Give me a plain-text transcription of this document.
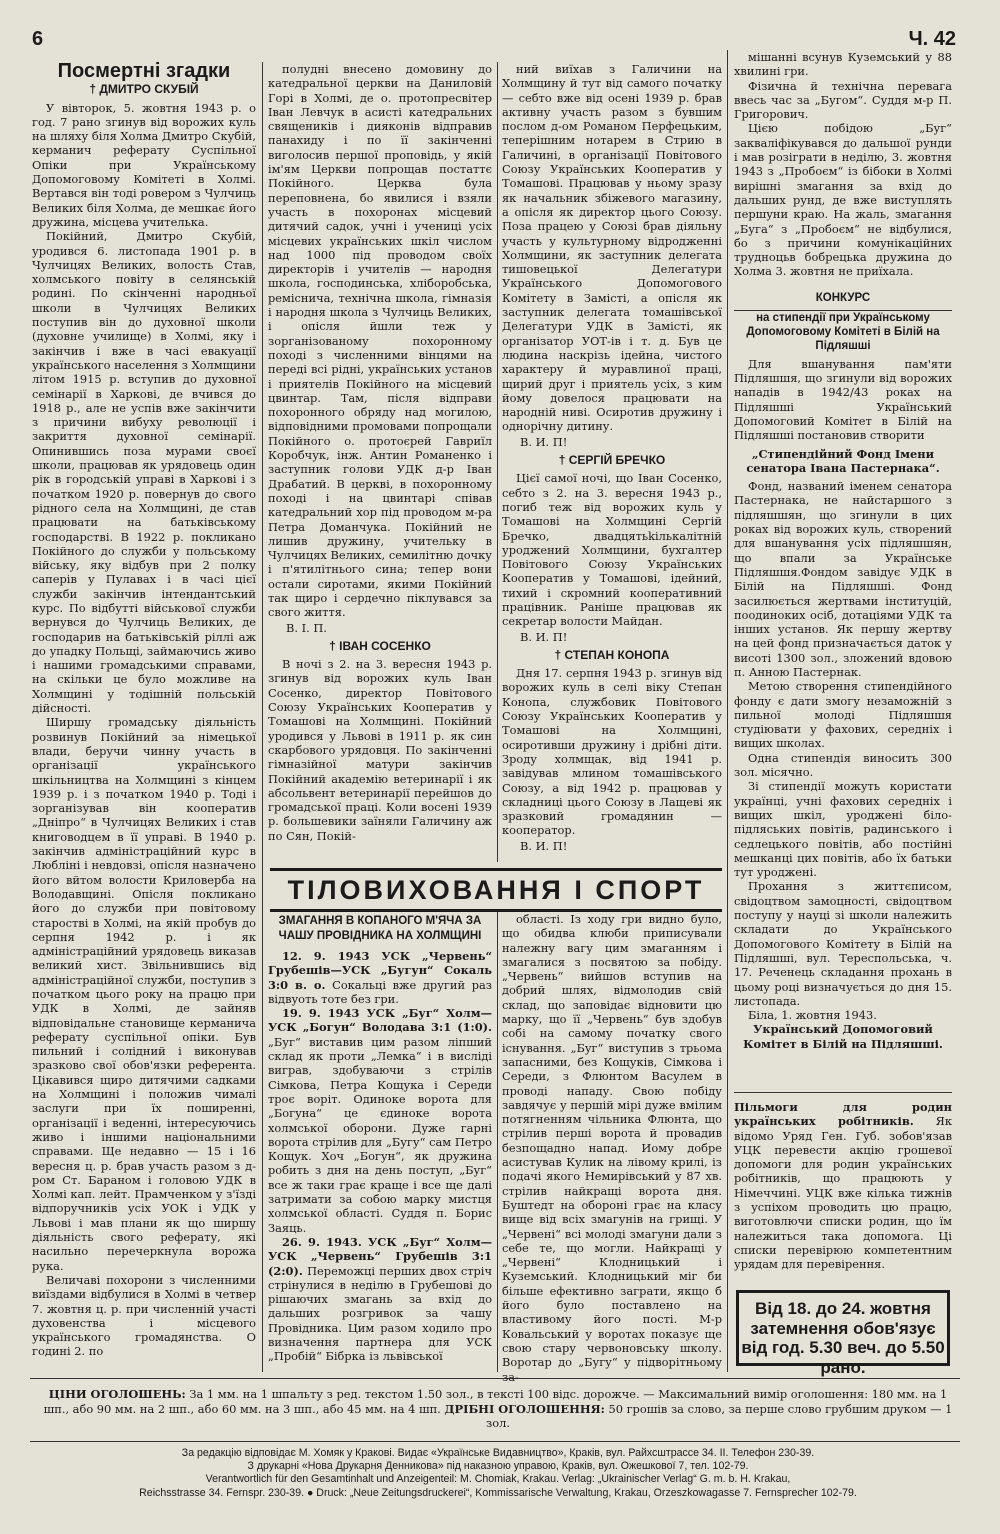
6	Ч. 42
Посмертні згадки
† ДМИТРО СКУБІЙ

У вівторок, 5. жовтня 1943 р. о год. 7 рано згинув від ворожих куль на шляху біля Холма Дмитро Скубій, керманич реферату Суспільної Опіки при Українському Допомоговому Комітеті в Холмі. Вертався він тоді ровером з Чулчиць Великих біля Холма, де мешкає його дружина, місцева учителька.

Покійний, Дмитро Скубій, уродився 6. листопада 1901 р. в Чулчицях Великих, волость Став, холмського повіту в селянській родині. По скінченні народньої школи в Чулчицях Великих поступив він до духовної школи (духовне училище) в Холмі, яку і закінчив і вже в часі евакуації українського населення з Холмщини літом 1915 р. вступив до духовної семінарії в Харкові, де вчився до 1918 р., але не успів вже закінчити з причини вибуху революції і закриття духовної семінарії. Опинившись поза мурами своєї школи, працював як урядовець один рік в городській управі в Харкові і з початком 1920 р. повернув до свого рідного села на Холмщині, де став працювати на батьківському господарстві. В 1922 р. покликано Покійного до служби у польському війську, яку відбув при 2 полку саперів у Пулавах і в часі цієї служби закінчив інтендантський курс. По відбутті військової служби вернувся до Чулчиць Великих, де господарив на батьківській ріллі аж до упадку Польщі, займаючись живо і нашими громадськими справами, на скільки це було можливе на Холмщині у тодішній польській дійсності.

Ширшу громадську діяльність розвинув Покійний за німецької влади, беручи чинну участь в організації українського шкільництва на Холмщині з кінцем 1939 р. і з початком 1940 р. Тоді і зорганізував він кооператив „Дніпро“ в Чулчицях Великих і став книговодцем в її управі. В 1940 р. закінчив адміністраційний курс в Любліні і невдовзі, опісля назначено його вйтом волости Криловерба на Володавщині. Опісля покликано його до служби при повітовому старостві в Холмі, на якій пробув до серпня 1942 р. і як адміністраційний урядовець виказав великий хист. Звільнившись від адміністраційної служби, поступив з початком цього року на працю при УДК в Холмі, де зайняв відповідальне становище керманича реферату суспільної опіки. Був пильний і солідний і виконував зразково свої обов'язки референта. Цікавився щиро дитячими садками на Холмщині і положив чималі заслуги при їх поширенні, організації і веденні, інтересуючись живо і іншими національними справами. Ще недавно — 15 і 16 вересня ц. р. брав участь разом з д-ром Ст. Бараном і головою УДК в Холмі кап. лейт. Прамченком у з'їзді відпоручників усіх УОК і УДК у Львові і мав плани як що ширшу діяльність свого реферату, які насильно перечеркнула ворожа рука.

Величаві похорони з численними виїздами відбулися в Холмі в четвер 7. жовтня ц. р. при численній участі духовенства і місцевого українського громадянства. О годині 2. по

полудні внесено домовину до катедральної церкви на Даниловій Горі в Холмі, де о. протопресвітер Іван Левчук в асисті катедральних священиків і дияконів відправив панахиду і по її закінченні виголосив першої проповідь, у якій ім'ям Церкви попрощав постаттє Покійного. Церква була переповнена, бо явилися і взяли участь в похоронах місцевий дитячий садок, учні і учениці усіх місцевих українських шкіл числом над 1000 під проводом своїх директорів і учителів — народня школа, господинська, хліборобська, реміснича, технічна школа, гімназія і народня школа з Чулчиць Великих, і опісля йшли теж у зорганізованому похоронному поході з численними вінцями на переді всі рідні, українських установ і приятелів Покійного на місцевий цвинтар. Там, після відправи похоронного обряду над могилою, відповідними промовами попрощали Покійного о. протоєрей Гавриїл Коробчук, інж. Антин Романенко і заступник голови УДК д-р Іван Драбатий. В церкві, в похоронному поході і на цвинтарі співав катедральний хор під проводом м-ра Петра Доманчука. Покійний не лишив дружину, учительку в Чулчицях Великих, семилітню дочку і п'ятилітнього сина; тепер вони остали сиротами, якими Покійний так щиро і сердечно піклувався за свого життя.

В. І. П.

† ІВАН СОСЕНКО

В ночі з 2. на 3. вересня 1943 р. згинув від ворожих куль Іван Сосенко, директор Повітового Союзу Українських Кооператив у Томашові на Холмщині. Покійний уродився у Львові в 1911 р. як син скарбового урядовця. По закінченні гімназійної матури закінчив Покійний академію ветеринарії і як абсольвент ветеринарії перейшов до громадської праці. Коли восені 1939 р. большевики заїняли Галичину аж по Сян, Покій-

ний виїхав з Галичини на Холмщину й тут від самого початку — себто вже від осені 1939 р. брав активну участь разом з бувшим послом д-ом Романом Перфецьким, теперішним нотарем в Стрию в Галичині, в організації Повітового Союзу Українських Кооператив у Томашові. Працював у ньому зразу як начальник збіжевого магазину, а опісля як директор цього Союзу. Поза працею у Союзі брав діяльну участь у культурному відродженні Холмщини, як заступник делегата тишовецької Делегатури Українського Допомогового Комітету в Замісті, а опісля як заступник делегата томашівської Делегатури УДК в Замісті, як організатор УОТ-ів і т. д. Був це людина наскрізь ідейна, чистого характеру й муравлиної праці, щирий друг і приятель усіх, з ким йому довелося працювати на народній ниві. Осиротив дружину і однорічну дитину.

В. И. П!

† СЕРГІЙ БРЕЧКО

Цієї самої ночі, що Іван Сосенко, себто з 2. на 3. вересня 1943 р., погиб теж від ворожих куль у Томашові на Холмщині Сергій Бречко, двадцятьkількалітній уроджений Холмщини, бухгалтер Повітового Союзу Українських Кооператив у Томашові, ідейний, тихий і скромний кооперативний працівник. Раніше працював як секретар волости Майдан.

В. И. П!

† СТЕПАН КОНОПА

Дня 17. серпня 1943 р. згинув від ворожих куль в селі віку Степан Конопа, службовик Повітового Союзу Українських Кооператив у Томашові на Холмщині, осиротивши дружину і дрібні діти. Зроду холмщак, від 1941 р. завідував млином томашівського Союзу, а від 1942 р. працював у складниці цього Союзу в Лащеві як зразковий громадянин — кооператор.

В. И. П!

ТІЛОВИХОВАННЯ І СПОРТ
ЗМАГАННЯ В КОПАНОГО М'ЯЧА ЗА ЧАШУ ПРОВІДНИКА НА ХОЛМЩИНІ

12. 9. 1943 УСК „Червень“ Грубешів—УСК „Бугун“ Сокаль 3:0 в. о. Сокальці вже другий раз відвуоть тоте без гри.

19. 9. 1943 УСК „Буг“ Холм—УСК „Богун“ Володава 3:1 (1:0). „Буг“ виставив цим разом ліпший склад як проти „Лемка“ і в висліді виграв, здобуваючи з стрілів Сімкова, Петра Кощука і Середи троє воріт. Одиноке ворота для „Богуна“ це єдиноке ворота холмської оборони. Дуже гарні ворота стрілив для „Бугу“ сам Петро Кощук. Хоч „Богун“, як дружина робить з дня на день поступ, „Буг“ все ж таки грає краще і все ще далі затримати за собою марку мистця холмської області. Суддя п. Борис Заяць.

26. 9. 1943. УСК „Буг“ Холм—УСК „Червень“ Грубешів 3:1 (2:0). Переможці перших двох стріч стрінулися в неділю в Грубешові до рішаючих змагань за вхід до дальших розгривок за чашу Провідника. Цим разом ходило про визначення партнера для УСК „Пробій“ Бібрка із львівської

області. Із ходу гри видно було, що обидва клюби приписували належну вагу цим змаганням і змагалися з посвятою за побіду. „Червень“ вийшов вступив на добрий шлях, відмолодив свій склад, що заповідає відновити цю марку, що її „Червень“ був здобув собі на самому початку свого існування. „Буг“ виступив з трьома запасними, без Кощуків, Сімкова і Середи, з Флюнтом Васулем в проводі нападу. Свою побіду завдячує у першій мірі дуже вмілим потягненням чільника Флюнта, що стрілив перші ворота й провадив безпощадно напад. Иому добре асистував Кулик на лівому крилі, із подачі якого Немирівський у 87 хв. стрілив найкращі ворота дня. Буштедт на обороні грає на класу вище від всіх змагунів на грищі. У „Червені“ всі молоді змагуни дали з себе те, що могли. Найкращі у „Червені“ Клодницький і Куземський. Клодницький міг би більше ефективно заграти, якщо б його було поставлено на властивому його пості. М-р Ковальський у воротах показує ще свою стару червоновську школу. Воротар до „Бугу“ у підворітньому за-

мішанні всунув Куземський у 88 хвилині гри.

Фізична й технічна перевага ввесь час за „Бугом“. Суддя м-р П. Григорович.

Цією побідою „Буг“ закваліфікувався до дальшої рунди і мав розіграти в неділю, 3. жовтня 1943 з „Пробоєм“ із бібоки в Холмі вирішні змагання за вхід до дальших рунд, де вже виступлять першуни краю. На жаль, змагання „Буга“ з „Пробоєм“ не відбулися, бо з причини комунікаційних трудноцьв бобрецька дружина до Холма 3. жовтня не приїхала.

КОНКУРС
на стипендії при Українському Допомоговому Комітеті в Білій на Підляшші

Для вшанування пам'яти Підляшшя, що згинули від ворожих нападів в 1942/43 роках на Підляшші Український Допомоговий Комітет в Білій на Підляшші постановив створити

„Стипендійний Фонд Імени сенатора Івана Пастернака“.

Фонд, названий іменем сенатора Пастернака, не найстаршого з підляшшян, що згинули в цих роках від ворожих куль, створений для вшанування усіх підляшшян, що впали за Українське Підляшшя.Фондом завідує УДК в Білій на Підляшші. Фонд засилюється жертвами інституцій, поодиноких осіб, дотаціями УДК та інших установ. Як першу жертву на цей фонд призначається даток у висоті 1300 зол., зложений вдовою п. Анною Пастернак.

Метою створення стипендійного фонду є дати змогу незаможній з пильної молоді Підляшшя студіювати у фахових, середніх і вищих школах.

Одна стипендія виносить 300 зол. місячно.

Зі стипендії можуть користати українці, учні фахових середніх і вищих шкіл, уроджені біло-підляських повітів, радинського і седлецького повітів, або постійні мешканці цих повітів, або їх батьки тут уроджені.

Прохання з життєписом, свідоцтвом замоцності, свідоцтвом поступу у науці зі школи належить складати до Українського Допомогового Комітету в Білій на Підляшші, вул. Тереспольська, ч. 17. Реченець складання прохань в цьому році визначується до дня 15. листопада.

Біла, 1. жовтня 1943.

Український Допомоговий Комітет в Білій на Підляшші.

Пільмоги для родин українських робітників. Як відомо Уряд Ген. Губ. зобов'язав УЦК перевести акцію грошевої допомоги для родин українських робітників, що працюють у Німеччині. УЦК вже кілька тижнів з успіхом проводить цю працю, виготовлючи списки родин, що їм належиться така допомога. Ці списки перевірюю компетентним урядам для перевірення.
Від 18. до 24. жовтня
затемнення обов'язує
від год. 5.30 веч. до 5.50 рано.
ЦІНИ ОГОЛОШЕНЬ: За 1 мм. на 1 шпальту з ред. текстом 1.50 зол., в тексті 100 відс. дорожче. — Максимальний вимір оголошення: 180 мм. на 1 шп., або 90 мм. на 2 шп., або 60 мм. на 3 шп., або 45 мм. на 4 шп. ДРІБНІ ОГОЛОШЕННЯ: 50 грошів за слово, за перше слово грубшим друком — 1 зол.
За редакцію відповідає М. Хомяк у Кракові. Видає «Українське Видавництво», Краків, вул. Райхсштрассе 34. II. Телефон 230-39.
З друкарні «Нова Друкарня Денникова» під наказною управою, Краків, вул. Ожешкової 7, тел. 102-79.
Verantwortlich für den Gesamtinhalt und Anzeigenteil: M. Chomiak, Krakau. Verlag: „Ukrainischer Verlag“ G. m. b. H. Krakau,
Reichsstrasse 34. Fernspr. 230-39. ● Druck: „Neue Zeitungsdruckerei“, Kommissarische Verwaltung, Krakau, Orzeszkowagasse 7. Fernsprecher 102-79.
